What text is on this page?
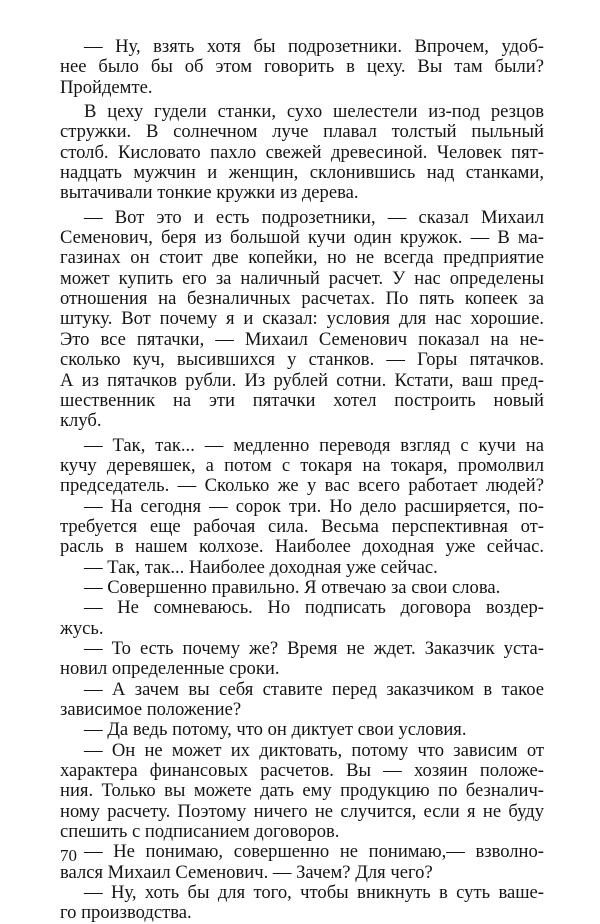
— Ну, взять хотя бы подрозетники. Впрочем, удоб-
нее было бы об этом говорить в цеху. Вы там были?
Пройдемте.
В цеху гудели станки, сухо шелестели из-под резцов
стружки. В солнечном луче плавал толстый пыльный
столб. Кисловато пахло свежей древесиной. Человек пят-
надцать мужчин и женщин, склонившись над станками,
вытачивали тонкие кружки из дерева.
— Вот это и есть подрозетники, — сказал Михаил
Семенович, беря из большой кучи один кружок. — В ма-
газинах он стоит две копейки, но не всегда предприятие
может купить его за наличный расчет. У нас определены
отношения на безналичных расчетах. По пять копеек за
штуку. Вот почему я и сказал: условия для нас хорошие.
Это все пятачки, — Михаил Семенович показал на не-
сколько куч, высившихся у станков. — Горы пятачков.
А из пятачков рубли. Из рублей сотни. Кстати, ваш пред-
шественник на эти пятачки хотел построить новый
клуб.
— Так, так... — медленно переводя взгляд с кучи на
кучу деревяшек, а потом с токаря на токаря, промолвил
председатель. — Сколько же у вас всего работает людей?
— На сегодня — сорок три. Но дело расширяется, по-
требуется еще рабочая сила. Весьма перспективная от-
расль в нашем колхозе. Наиболее доходная уже сейчас.
— Так, так... Наиболее доходная уже сейчас.
— Совершенно правильно. Я отвечаю за свои слова.
— Не сомневаюсь. Но подписать договора воздер-
жусь.
— То есть почему же? Время не ждет. Заказчик уста-
новил определенные сроки.
— А зачем вы себя ставите перед заказчиком в такое
зависимое положение?
— Да ведь потому, что он диктует свои условия.
— Он не может их диктовать, потому что зависим от
характера финансовых расчетов. Вы — хозяин положе-
ния. Только вы можете дать ему продукцию по безналич-
ному расчету. Поэтому ничего не случится, если я не буду
спешить с подписанием договоров.
— Не понимаю, совершенно не понимаю,— взволно-
вался Михаил Семенович. — Зачем? Для чего?
— Ну, хоть бы для того, чтобы вникнуть в суть ваше-
го производства.
70
